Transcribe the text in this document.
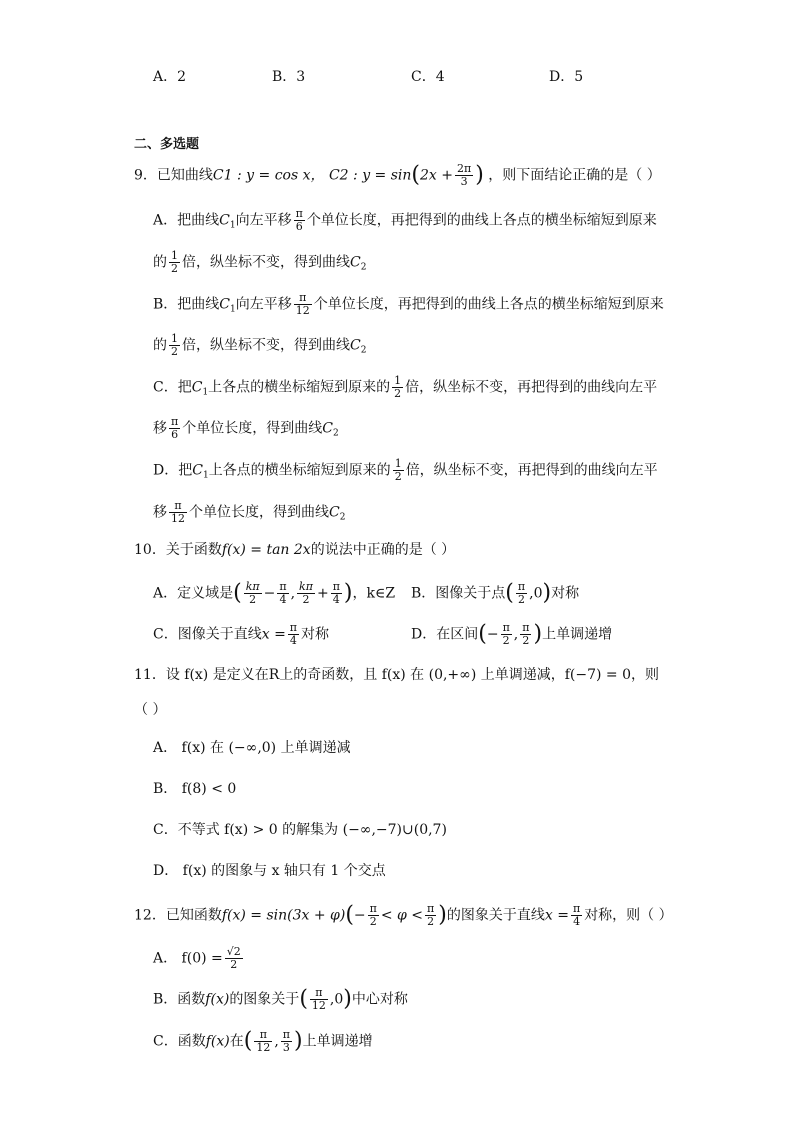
A．2	B．3	C．4	D．5
二、多选题
9．已知曲线C1 : y = cos x， C2 : $y = \sin(2x + \frac{2\pi}{3}$ ) ，则下面结论正确的是（ ）
A．把曲线$C_1$向左平移 $\frac{\pi}{6}$ 个单位长度，再把得到的曲线上各点的横坐标缩短到原来
的 $\frac{1}{2}$ 倍，纵坐标不变，得到曲线$C_2$
B．把曲线$C_1$向左平移 $\frac{\pi}{12}$ 个单位长度，再把得到的曲线上各点的横坐标缩短到原来
的 $\frac{1}{2}$ 倍，纵坐标不变，得到曲线$C_2$
C．把$C_1$上各点的横坐标缩短到原来的 $\frac{1}{2}$ 倍，纵坐标不变，再把得到的曲线向左平
移 $\frac{\pi}{6}$ 个单位长度，得到曲线$C_2$
D．把$C_1$上各点的横坐标缩短到原来的 $\frac{1}{2}$ 倍，纵坐标不变，再把得到的曲线向左平
移 $\frac{\pi}{12}$ 个单位长度，得到曲线$C_2$
10．关于函数f(x) = tan 2x的说法中正确的是（ ）
A．定义域是( $\frac{k\pi}{2} - \frac{\pi}{4}$ , $\frac{k\pi}{2} + \frac{\pi}{4}$ )，k∈Z B．图像关于点( $\frac{\pi}{2} ,0$)对称
C．图像关于直线$x = \frac{\pi}{4}$ 对称	D．在区间(− $\frac{\pi}{2}$ , $\frac{\pi}{2}$ )上单调递增
11．设 f(x) 是定义在R上的奇函数，且 f(x) 在 (0,+∞) 上单调递减，f(−7) = 0，则
（ ）
A． f(x) 在 (−∞,0) 上单调递减
B． f(8) < 0
C．不等式 f(x) > 0 的解集为 (−∞,−7)∪(0,7)
D． f(x) 的图象与 x 轴只有 1 个交点
12．已知函数$f(x) = \sin(3x + \varphi)(- \frac{\pi}{2} < \varphi < \frac{\pi}{2}$ )的图象关于直线$x = \frac{\pi}{4}$ 对称，则（ ）
A． $f(0) = \frac{√2}{2}$
B．函数f(x)的图象关于( $\frac{\pi}{12} ,0$)中心对称
C．函数f(x)在( $\frac{\pi}{12}$ , $\frac{\pi}{3}$ )上单调递增
